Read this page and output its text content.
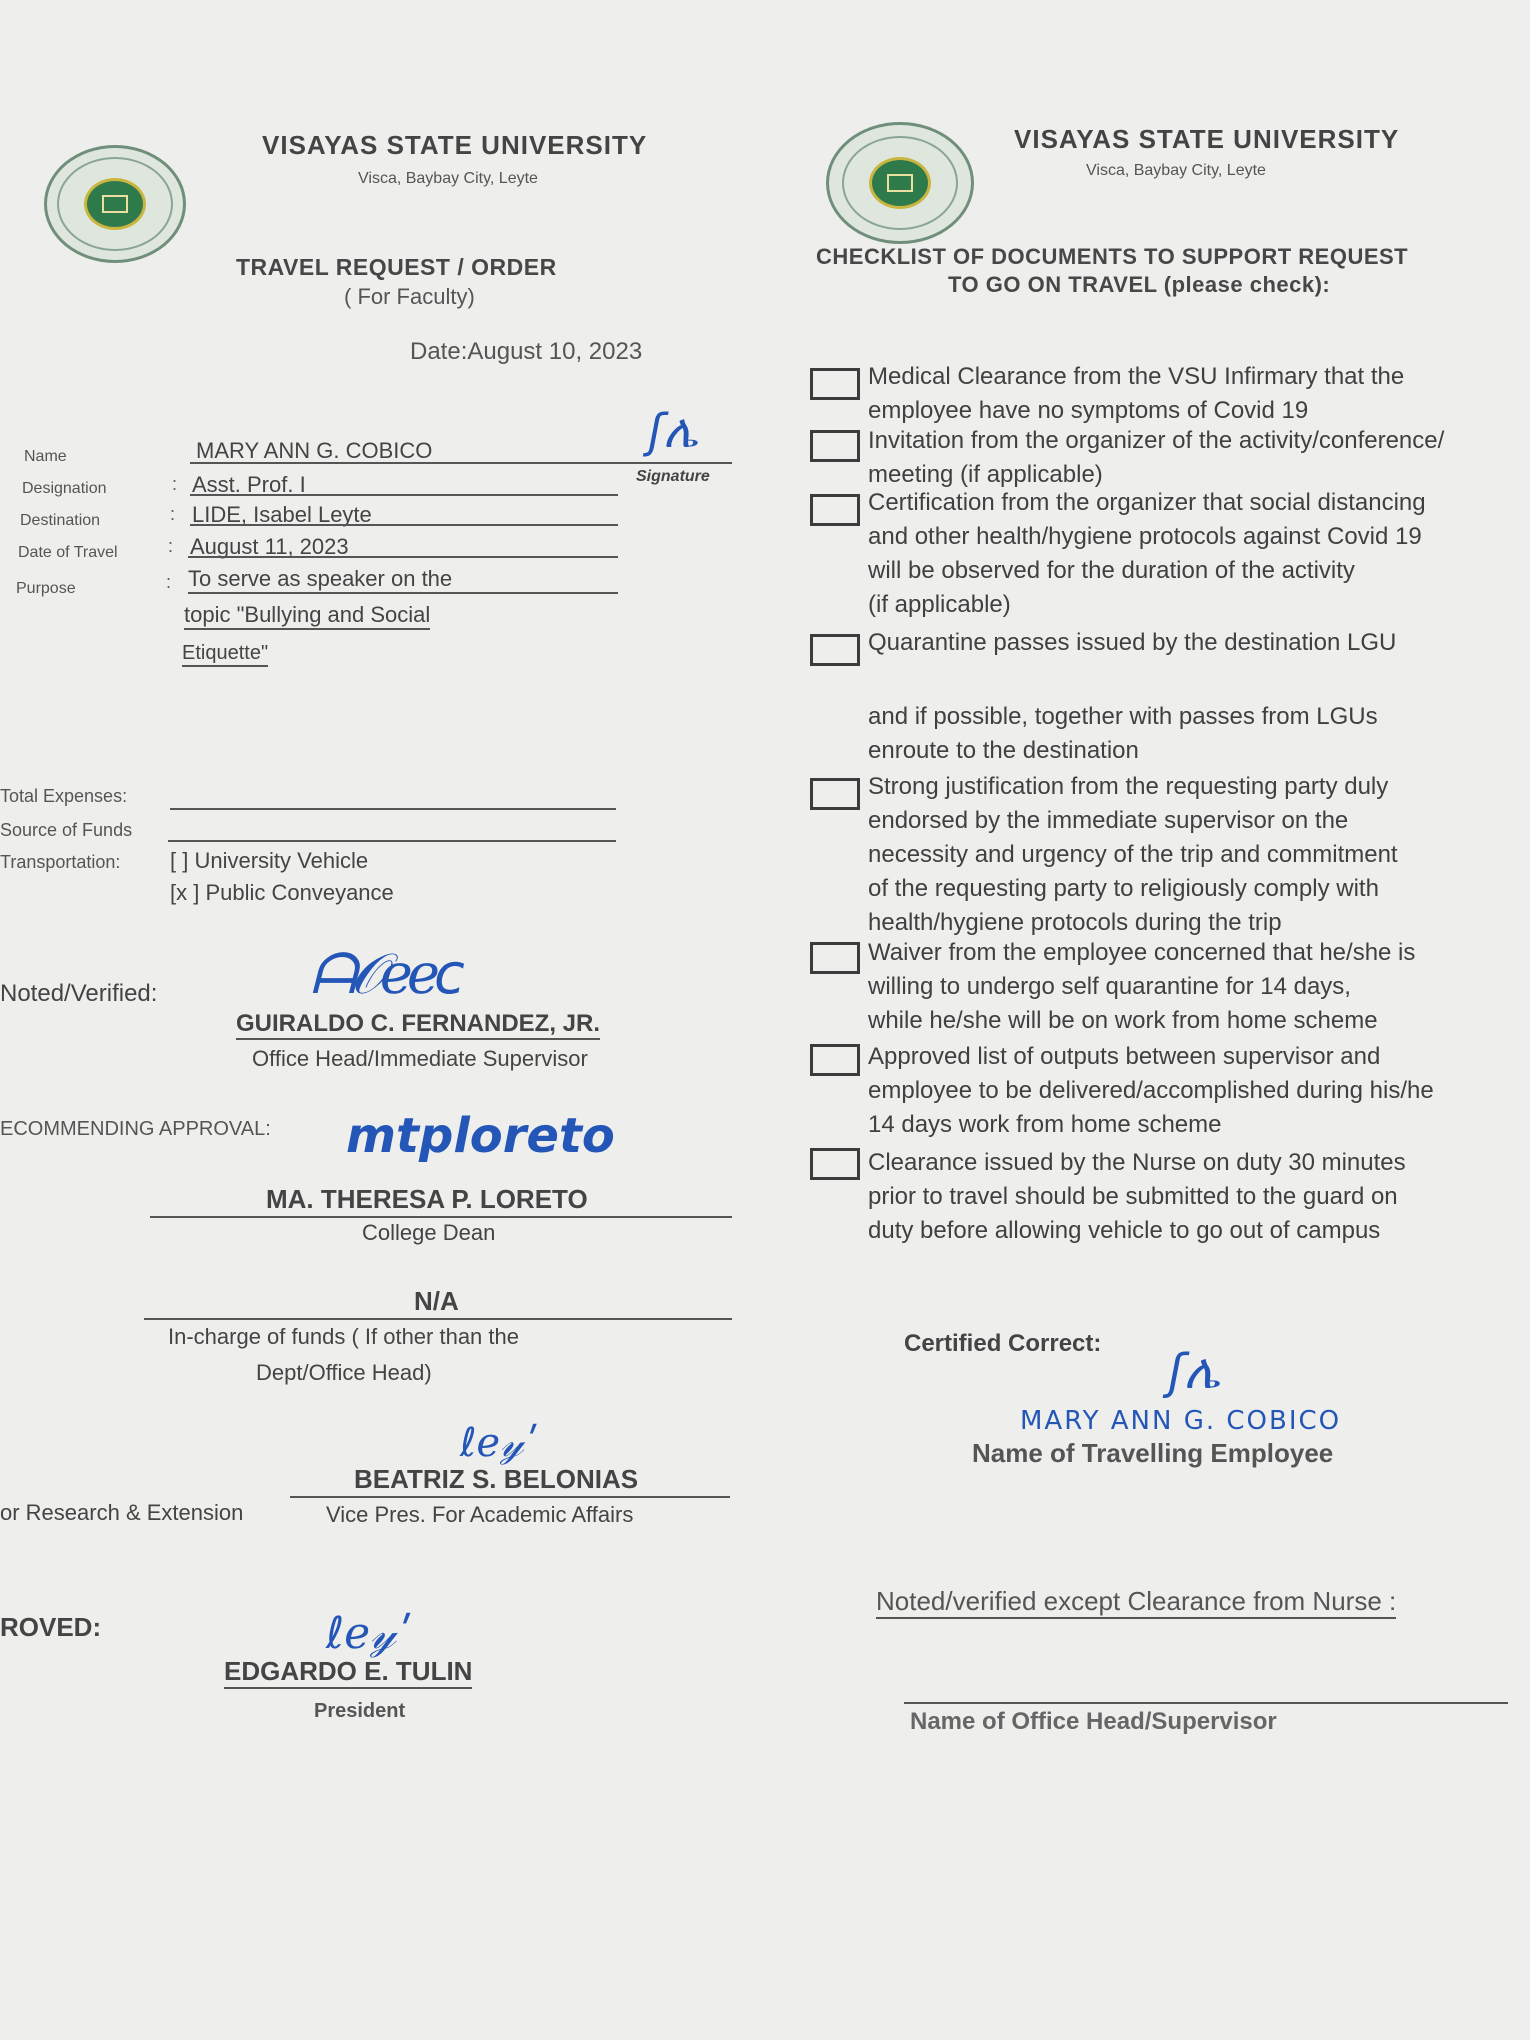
VISAYAS STATE UNIVERSITY
Visca, Baybay City, Leyte
TRAVEL REQUEST / ORDER
( For Faculty)
Date:August 10, 2023
Name	MARY ANN G. COBICO	ʃ︎ሌ
Signature
Designation	: Asst. Prof. I
Destination	: LIDE, Isabel Leyte
Date of Travel	: August 11, 2023
Purpose	: To serve as speaker on the
topic "Bullying and Social
Etiquette"
Total Expenses:
Source of Funds
Transportation: [ ] University Vehicle
[x ] Public Conveyance
Noted/Verified:	ᗩ𝒪ℯℯⅽ
GUIRALDO C. FERNANDEZ, JR.
Office Head/Immediate Supervisor
ECOMMENDING APPROVAL: mtploreto
MA. THERESA P. LORETO
College Dean
N/A
In-charge of funds ( If other than the
Dept/Office Head)
ℓℯ𝓎ʹ
BEATRIZ S. BELONIAS
or Research & Extension	Vice Pres. For Academic Affairs
ROVED:	ℓℯ𝓎ʹ
EDGARDO E. TULIN
President
VISAYAS STATE UNIVERSITY
Visca, Baybay City, Leyte
CHECKLIST OF DOCUMENTS TO SUPPORT REQUEST
TO GO ON TRAVEL (please check):
Medical Clearance from the VSU Infirmary that the
employee have no symptoms of Covid 19
Invitation from the organizer of the activity/conference/
meeting (if applicable)
Certification from the organizer that social distancing
and other health/hygiene protocols against Covid 19
will be observed for the duration of the activity
(if applicable)
Quarantine passes issued by the destination LGU
and if possible, together with passes from LGUs
enroute to the destination
Strong justification from the requesting party duly
endorsed by the immediate supervisor on the
necessity and urgency of the trip and commitment
of the requesting party to religiously comply with
health/hygiene protocols during the trip
Waiver from the employee concerned that he/she is
willing to undergo self quarantine for 14 days,
while he/she will be on work from home scheme
Approved list of outputs between supervisor and
employee to be delivered/accomplished during his/he
14 days work from home scheme
Clearance issued by the Nurse on duty 30 minutes
prior to travel should be submitted to the guard on
duty before allowing vehicle to go out of campus
Certified Correct:
ʃ︎ሌ
MARY ANN G. COBICO
Name of Travelling Employee
Noted/verified except Clearance from Nurse :
Name of Office Head/Supervisor
